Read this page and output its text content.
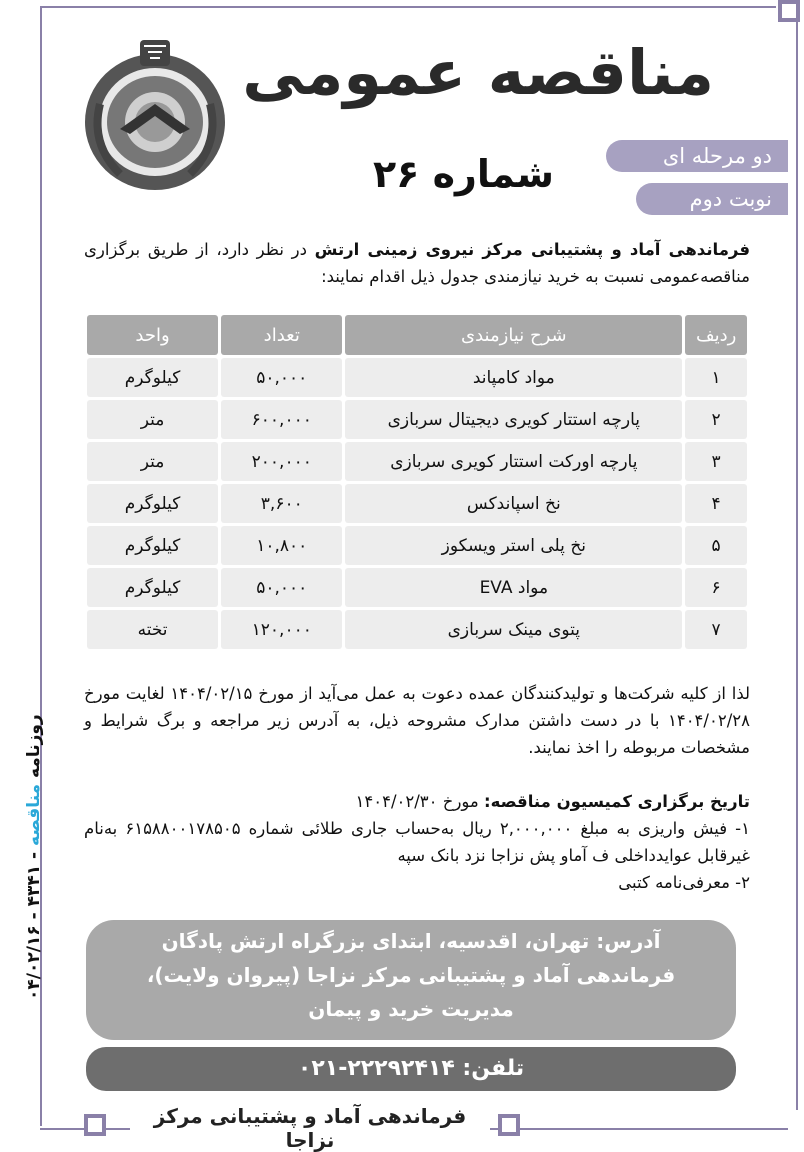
مناقصه عمومی
دو مرحله ای
نوبت دوم
شماره ۲۶
فرماندهی آماد و پشتیبانی مرکز نیروی زمینی ارتش در نظر دارد، از طریق برگزاری مناقصه‌عمومی نسبت به خرید نیازمندی جدول ذیل اقدام نمایند:
ردیف	شرح نیازمندی	تعداد	واحد
۱	مواد کامپاند	۵۰,۰۰۰	کیلوگرم
۲	پارچه استتار کویری دیجیتال سربازی	۶۰۰,۰۰۰	متر
۳	پارچه اورکت استتار کویری سربازی	۲۰۰,۰۰۰	متر
۴	نخ اسپاندکس	۳,۶۰۰	کیلوگرم
۵	نخ پلی استر ویسکوز	۱۰,۸۰۰	کیلوگرم
۶	مواد EVA	۵۰,۰۰۰	کیلوگرم
۷	پتوی مینک سربازی	۱۲۰,۰۰۰	تخته
لذا از کلیه شرکت‌ها و تولیدکنندگان عمده دعوت به عمل می‌آید از مورخ ۱۴۰۴/۰۲/۱۵ لغایت مورخ ۱۴۰۴/۰۲/۲۸ با در دست داشتن مدارک مشروحه ذیل، به آدرس زیر مراجعه و برگ شرایط و مشخصات مربوطه را اخذ نمایند.
تاریخ برگزاری کمیسیون مناقصه: مورخ ۱۴۰۴/۰۲/۳۰
۱- فیش واریزی به مبلغ ۲,۰۰۰,۰۰۰ ریال به‌حساب جاری طلائی شماره ۶۱۵۸۸۰۰۱۷۸۵۰۵ به‌نام غیرقابل عوایدداخلی ف آماو پش نزاجا نزد بانک سپه
۲- معرفی‌نامه کتبی
آدرس: تهران، اقدسیه، ابتدای بزرگراه ارتش پادگان
فرماندهی آماد و پشتیبانی مرکز نزاجا (پیروان ولایت)،
مدیریت خرید و پیمان
تلفن: ۲۲۲۹۲۴۱۴-۰۲۱
فرماندهی آماد و پشتیبانی مرکز نزاجا
روزنامه مناقصه - ۴۳۴۱ - ۰۴/۰۲/۱۶
